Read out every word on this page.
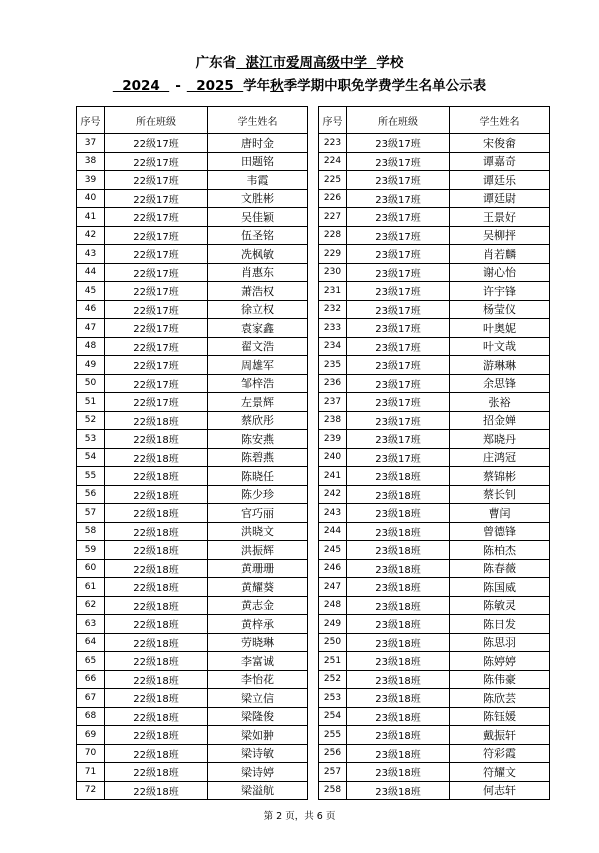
广东省  湛江市爱周高级中学  学校
2024  -  2025  学年秋季学期中职免学费学生名单公示表
序号	所在班级	学生姓名
37	22级17班	唐时金
38	22级17班	田题铭
39	22级17班	韦霞
40	22级17班	文胜彬
41	22级17班	吴佳颖
42	22级17班	伍圣铭
43	22级17班	冼枫敏
44	22级17班	肖惠东
45	22级17班	萧浩权
46	22级17班	徐立权
47	22级17班	袁家鑫
48	22级17班	翟文浩
49	22级17班	周雄军
50	22级17班	邹梓浩
51	22级17班	左景辉
52	22级18班	蔡欣彤
53	22级18班	陈安燕
54	22级18班	陈碧燕
55	22级18班	陈晓任
56	22级18班	陈少珍
57	22级18班	官巧丽
58	22级18班	洪晓文
59	22级18班	洪振辉
60	22级18班	黄珊珊
61	22级18班	黄耀葵
62	22级18班	黄志金
63	22级18班	黄梓承
64	22级18班	劳晓琳
65	22级18班	李富诚
66	22级18班	李怡花
67	22级18班	梁立信
68	22级18班	梁隆俊
69	22级18班	梁如翀
70	22级18班	梁诗敏
71	22级18班	梁诗婷
72	22级18班	梁溢航
序号	所在班级	学生姓名
223	23级17班	宋俊畲
224	23级17班	谭嘉奇
225	23级17班	谭廷乐
226	23级17班	谭廷尉
227	23级17班	王景好
228	23级17班	吴柳抨
229	23级17班	肖若麟
230	23级17班	谢心怡
231	23级17班	许宇锋
232	23级17班	杨莹仪
233	23级17班	叶奥妮
234	23级17班	叶文哉
235	23级17班	游琳琳
236	23级17班	余思锋
237	23级17班	张裕
238	23级17班	招金婵
239	23级17班	郑晓丹
240	23级17班	庄鸿冠
241	23级18班	蔡锦彬
242	23级18班	蔡长钊
243	23级18班	曹闰
244	23级18班	曾德锋
245	23级18班	陈柏杰
246	23级18班	陈春薇
247	23级18班	陈国威
248	23级18班	陈敏灵
249	23级18班	陈日发
250	23级18班	陈思羽
251	23级18班	陈婷婷
252	23级18班	陈伟豪
253	23级18班	陈欣芸
254	23级18班	陈钰媛
255	23级18班	戴振轩
256	23级18班	符彩霞
257	23级18班	符耀文
258	23级18班	何志轩
第 2 页，共 6 页
